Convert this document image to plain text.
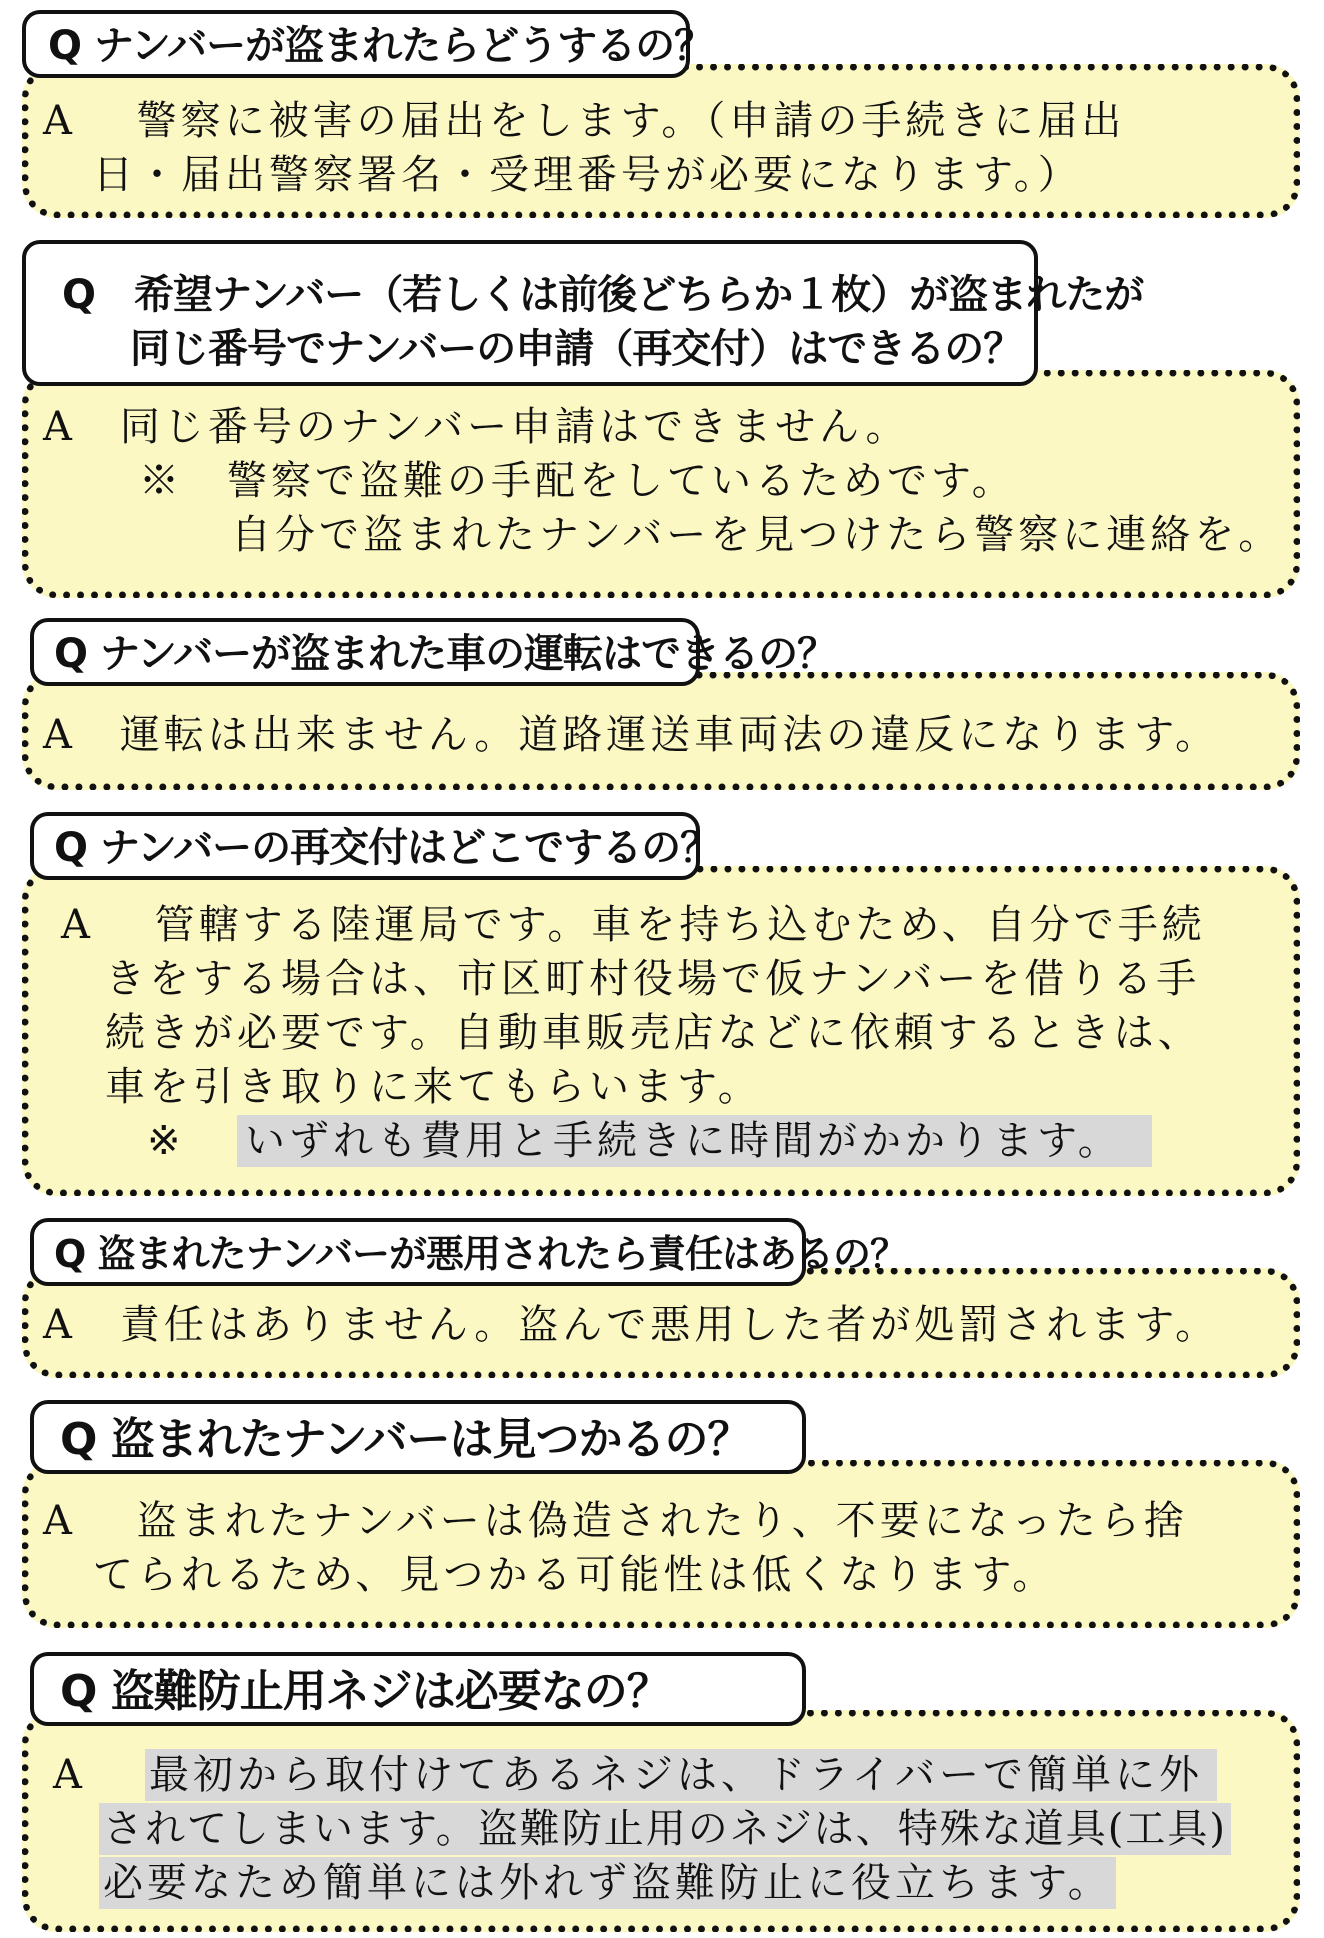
A　 警察に被害の届出をします。（申請の手続きに届出
日・届出警察署名・受理番号が必要になります。）
Q ナンバーが盗まれたらどうするの？
A　同じ番号のナンバー申請はできません。
※　警察で盗難の手配をしているためです。
自分で盗まれたナンバーを見つけたら警察に連絡を。
Q　希望ナンバー（若しくは前後どちらか１枚）が盗まれたが
同じ番号でナンバーの申請（再交付）はできるの？
A　運転は出来ません。道路運送車両法の違反になります。
Q ナンバーが盗まれた車の運転はできるの？
A　 管轄する陸運局です。車を持ち込むため、自分で手続
きをする場合は、市区町村役場で仮ナンバーを借りる手
続きが必要です。自動車販売店などに依頼するときは、
車を引き取りに来てもらいます。
※ いずれも費用と手続きに時間がかかります。
Q ナンバーの再交付はどこでするの？
A　責任はありません。盗んで悪用した者が処罰されます。
Q 盗まれたナンバーが悪用されたら責任はあるの？
A　 盗まれたナンバーは偽造されたり、不要になったら捨
てられるため、見つかる可能性は低くなります。
Q 盗まれたナンバーは見つかるの？
A 最初から取付けてあるネジは、ドライバーで簡単に外
されてしまいます。盗難防止用のネジは、特殊な道具(工具)
必要なため簡単には外れず盗難防止に役立ちます。
Q 盗難防止用ネジは必要なの？
